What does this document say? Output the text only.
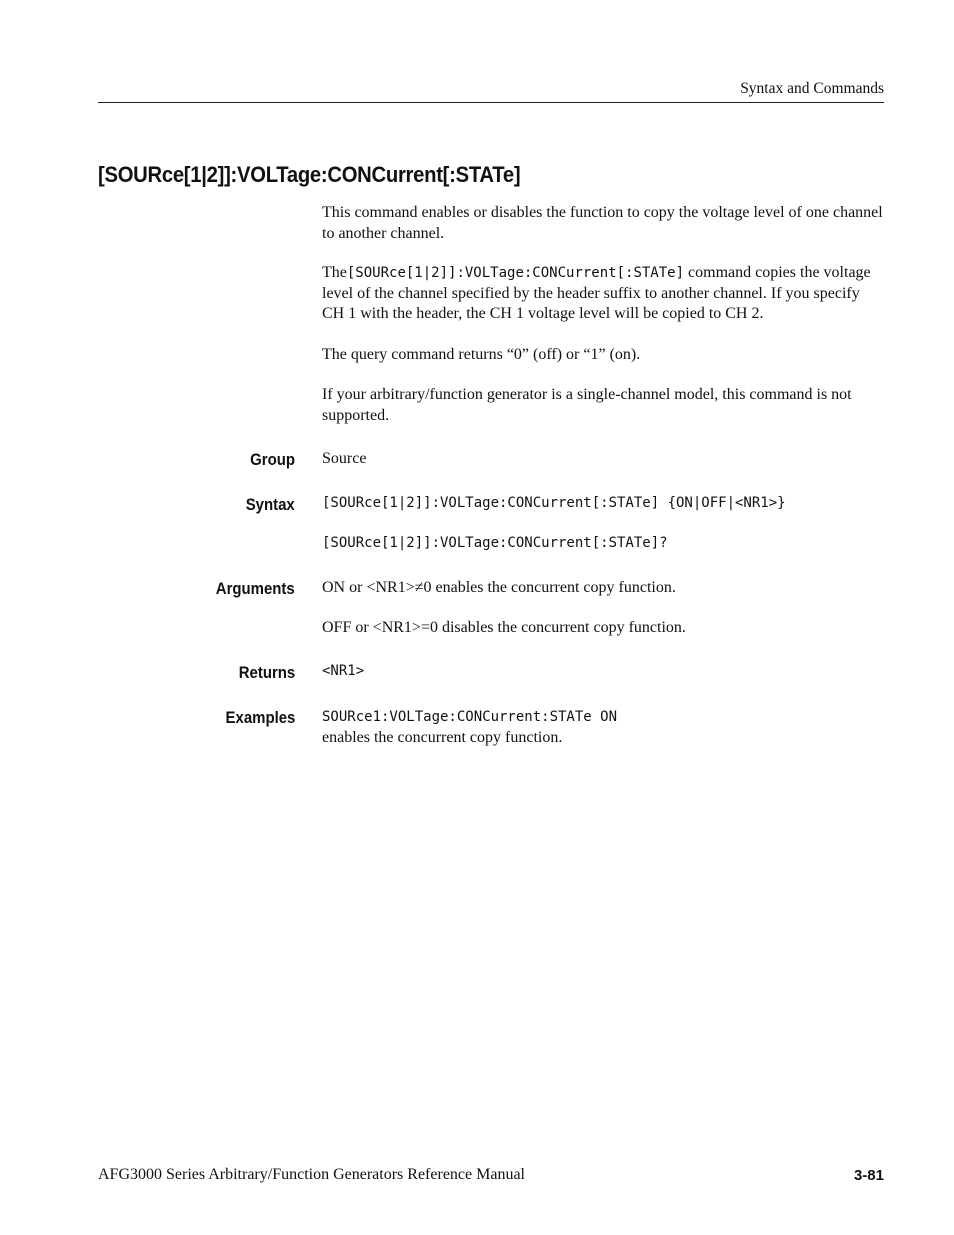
Syntax and Commands
[SOURce[1|2]]:VOLTage:CONCurrent[:STATe]
This command enables or disables the function to copy the voltage level of one channel to another channel.
The[SOURce[1|2]]:VOLTage:CONCurrent[:STATe] command copies the voltage level of the channel specified by the header suffix to another channel. If you specify CH 1 with the header, the CH 1 voltage level will be copied to CH 2.
The query command returns “0” (off) or “1” (on).
If your arbitrary/function generator is a single-channel model, this command is not supported.
Group Source
Syntax [SOURce[1|2]]:VOLTage:CONCurrent[:STATe] {ON|OFF|<NR1>}
[SOURce[1|2]]:VOLTage:CONCurrent[:STATe]?
Arguments ON or <NR1>≠0 enables the concurrent copy function.
OFF or <NR1>=0 disables the concurrent copy function.
Returns <NR1>
Examples SOURce1:VOLTage:CONCurrent:STATe ON
enables the concurrent copy function.
AFG3000 Series Arbitrary/Function Generators Reference Manual	3-81
